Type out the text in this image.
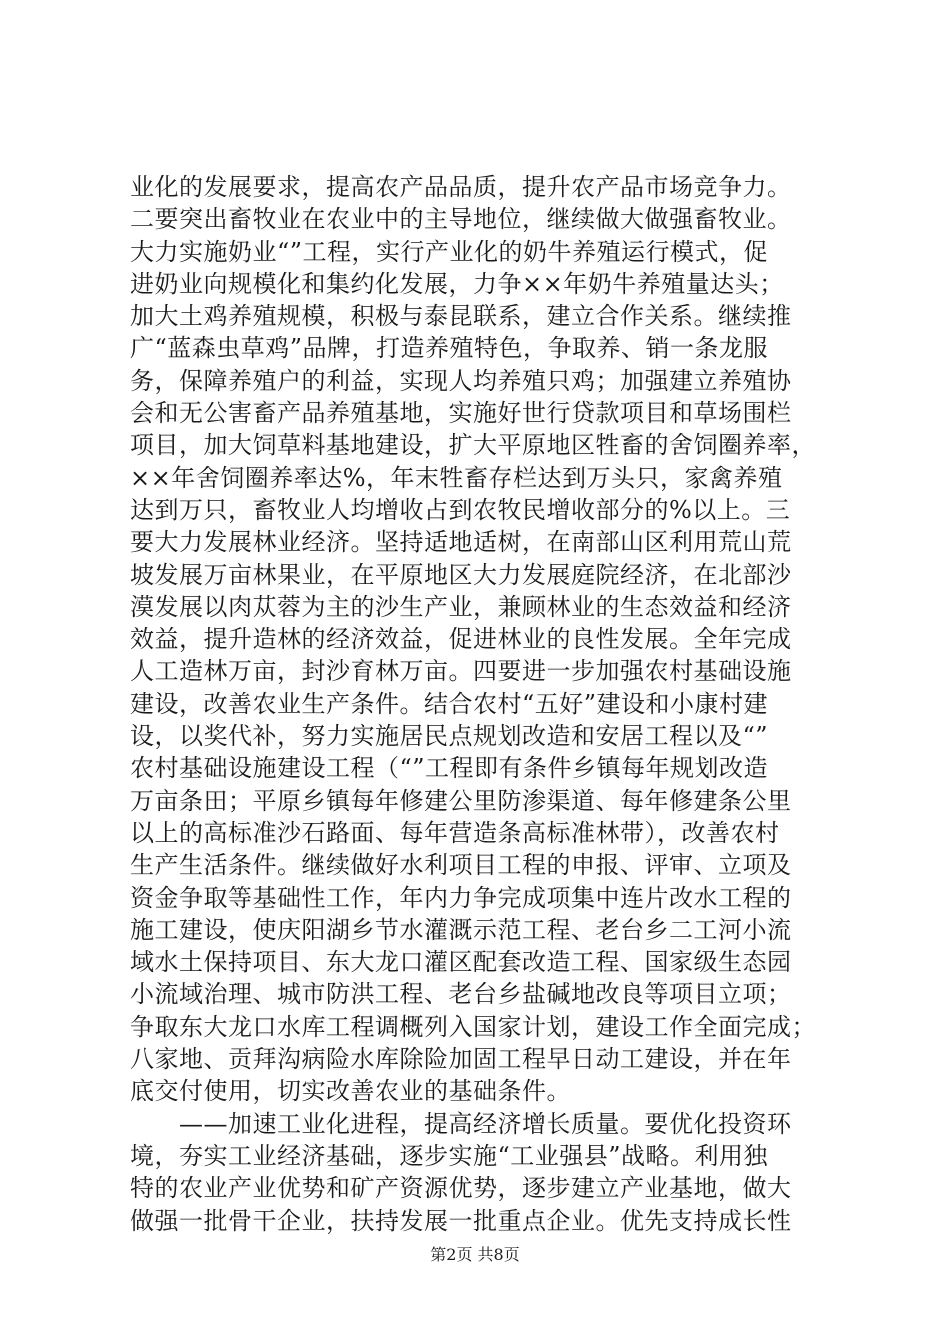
业化的发展要求，提高农产品品质，提升农产品市场竞争力。
二要突出畜牧业在农业中的主导地位，继续做大做强畜牧业。
大力实施奶业“”工程，实行产业化的奶牛养殖运行模式，促
进奶业向规模化和集约化发展，力争××年奶牛养殖量达头；
加大土鸡养殖规模，积极与泰昆联系，建立合作关系。继续推
广“蓝森虫草鸡”品牌，打造养殖特色，争取养、销一条龙服
务，保障养殖户的利益，实现人均养殖只鸡；加强建立养殖协
会和无公害畜产品养殖基地，实施好世行贷款项目和草场围栏
项目，加大饲草料基地建设，扩大平原地区牲畜的舍饲圈养率，
××年舍饲圈养率达%，年末牲畜存栏达到万头只，家禽养殖
达到万只，畜牧业人均增收占到农牧民增收部分的%以上。三
要大力发展林业经济。坚持适地适树，在南部山区利用荒山荒
坡发展万亩林果业，在平原地区大力发展庭院经济，在北部沙
漠发展以肉苁蓉为主的沙生产业，兼顾林业的生态效益和经济
效益，提升造林的经济效益，促进林业的良性发展。全年完成
人工造林万亩，封沙育林万亩。四要进一步加强农村基础设施
建设，改善农业生产条件。结合农村“五好”建设和小康村建
设，以奖代补，努力实施居民点规划改造和安居工程以及“”
农村基础设施建设工程（“”工程即有条件乡镇每年规划改造
万亩条田；平原乡镇每年修建公里防渗渠道、每年修建条公里
以上的高标准沙石路面、每年营造条高标准林带），改善农村
生产生活条件。继续做好水利项目工程的申报、评审、立项及
资金争取等基础性工作，年内力争完成项集中连片改水工程的
施工建设，使庆阳湖乡节水灌溉示范工程、老台乡二工河小流
域水土保持项目、东大龙口灌区配套改造工程、国家级生态园
小流域治理、城市防洪工程、老台乡盐碱地改良等项目立项；
争取东大龙口水库工程调概列入国家计划，建设工作全面完成；
八家地、贡拜沟病险水库除险加固工程早日动工建设，并在年
底交付使用，切实改善农业的基础条件。
　　——加速工业化进程，提高经济增长质量。要优化投资环
境，夯实工业经济基础，逐步实施“工业强县”战略。利用独
特的农业产业优势和矿产资源优势，逐步建立产业基地，做大
做强一批骨干企业，扶持发展一批重点企业。优先支持成长性
第2页 共8页
